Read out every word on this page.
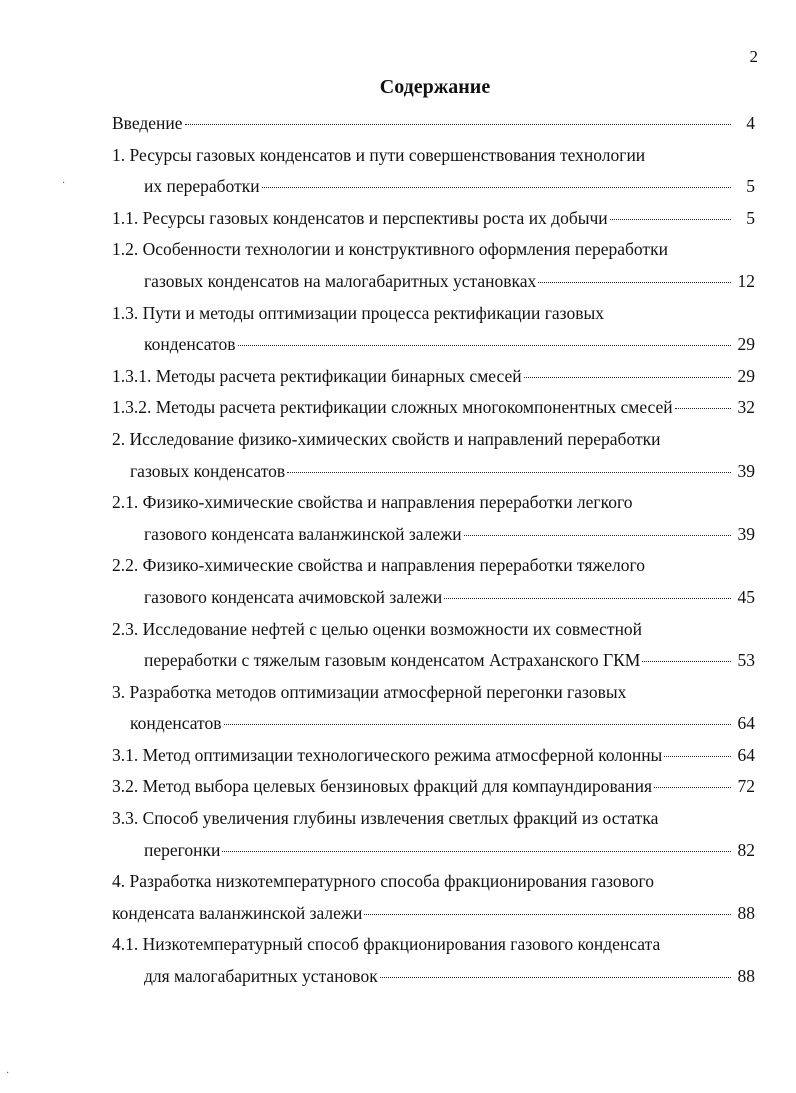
2
Содержание
Введение	4
1. Ресурсы газовых конденсатов и пути совершенствования технологии
их переработки	5
1.1. Ресурсы газовых конденсатов и перспективы роста их добычи	5
1.2. Особенности технологии и конструктивного оформления переработки
газовых конденсатов на малогабаритных установках	12
1.3. Пути и методы оптимизации процесса ректификации газовых
конденсатов	29
1.3.1. Методы расчета ректификации бинарных смесей	29
1.3.2. Методы расчета ректификации сложных многокомпонентных смесей	32
2. Исследование физико-химических свойств и направлений переработки
газовых конденсатов	39
2.1. Физико-химические свойства и направления переработки легкого
газового конденсата валанжинской залежи	39
2.2. Физико-химические свойства и направления переработки тяжелого
газового конденсата ачимовской залежи	45
2.3. Исследование нефтей с целью оценки возможности их совместной
переработки с тяжелым газовым конденсатом Астраханского ГКМ	53
3. Разработка методов оптимизации атмосферной перегонки газовых
конденсатов	64
3.1. Метод оптимизации технологического режима атмосферной колонны	64
3.2. Метод выбора целевых бензиновых фракций для компаундирования	72
3.3. Способ увеличения глубины извлечения светлых фракций из остатка
перегонки	82
4. Разработка низкотемпературного способа фракционирования газового
конденсата валанжинской залежи	88
4.1. Низкотемпературный способ фракционирования газового конденсата
для малогабаритных установок	88
·
·
